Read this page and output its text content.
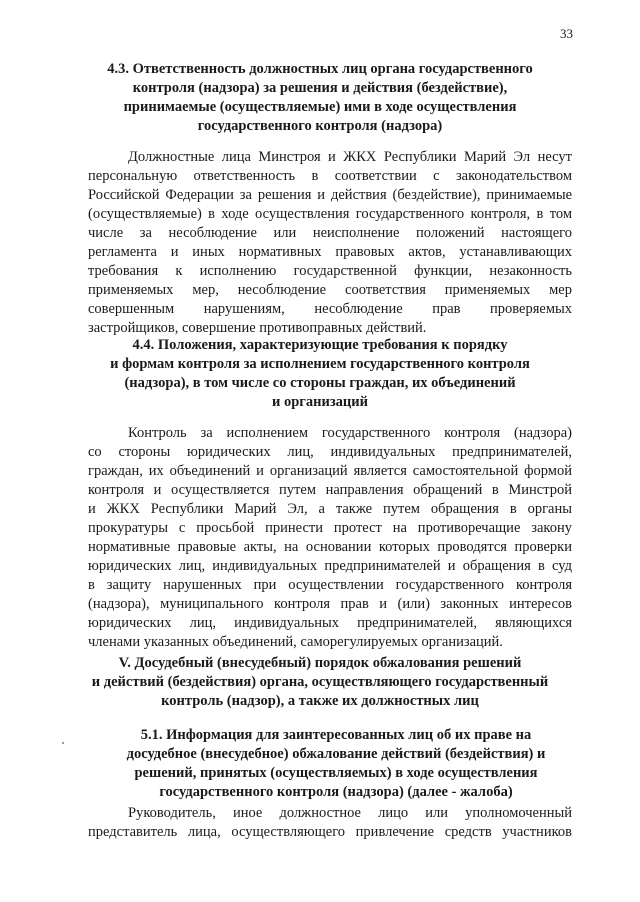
33
4.3. Ответственность должностных лиц органа государственного
контроля (надзора) за решения и действия (бездействие),
принимаемые (осуществляемые) ими в ходе осуществления
государственного контроля (надзора)
Должностные лица Минстроя и ЖКХ Республики Марий Эл несут
персональную ответственность в соответствии с законодательством
Российской Федерации за решения и действия (бездействие), принимаемые
(осуществляемые) в ходе осуществления государственного контроля, в том
числе за несоблюдение или неисполнение положений настоящего
регламента и иных нормативных правовых актов, устанавливающих
требования к исполнению государственной функции, незаконность
применяемых мер, несоблюдение соответствия применяемых мер
совершенным нарушениям, несоблюдение прав проверяемых
застройщиков, совершение противоправных действий.
4.4. Положения, характеризующие требования к порядку
и формам контроля за исполнением государственного контроля
(надзора), в том числе со стороны граждан, их объединений
и организаций
Контроль за исполнением государственного контроля (надзора)
со стороны юридических лиц, индивидуальных предпринимателей,
граждан, их объединений и организаций является самостоятельной формой
контроля и осуществляется путем направления обращений в Минстрой
и ЖКХ Республики Марий Эл, а также путем обращения в органы
прокуратуры с просьбой принести протест на противоречащие закону
нормативные правовые акты, на основании которых проводятся проверки
юридических лиц, индивидуальных предпринимателей и обращения в суд
в защиту нарушенных при осуществлении государственного контроля
(надзора), муниципального контроля прав и (или) законных интересов
юридических лиц, индивидуальных предпринимателей, являющихся
членами указанных объединений, саморегулируемых организаций.
V. Досудебный (внесудебный) порядок обжалования решений
и действий (бездействия) органа, осуществляющего государственный
контроль (надзор), а также их должностных лиц
5.1. Информация для заинтересованных лиц об их праве на
досудебное (внесудебное) обжалование действий (бездействия) и
решений, принятых (осуществляемых) в ходе осуществления
государственного контроля (надзора) (далее - жалоба)
Руководитель, иное должностное лицо или уполномоченный
представитель лица, осуществляющего привлечение средств участников
